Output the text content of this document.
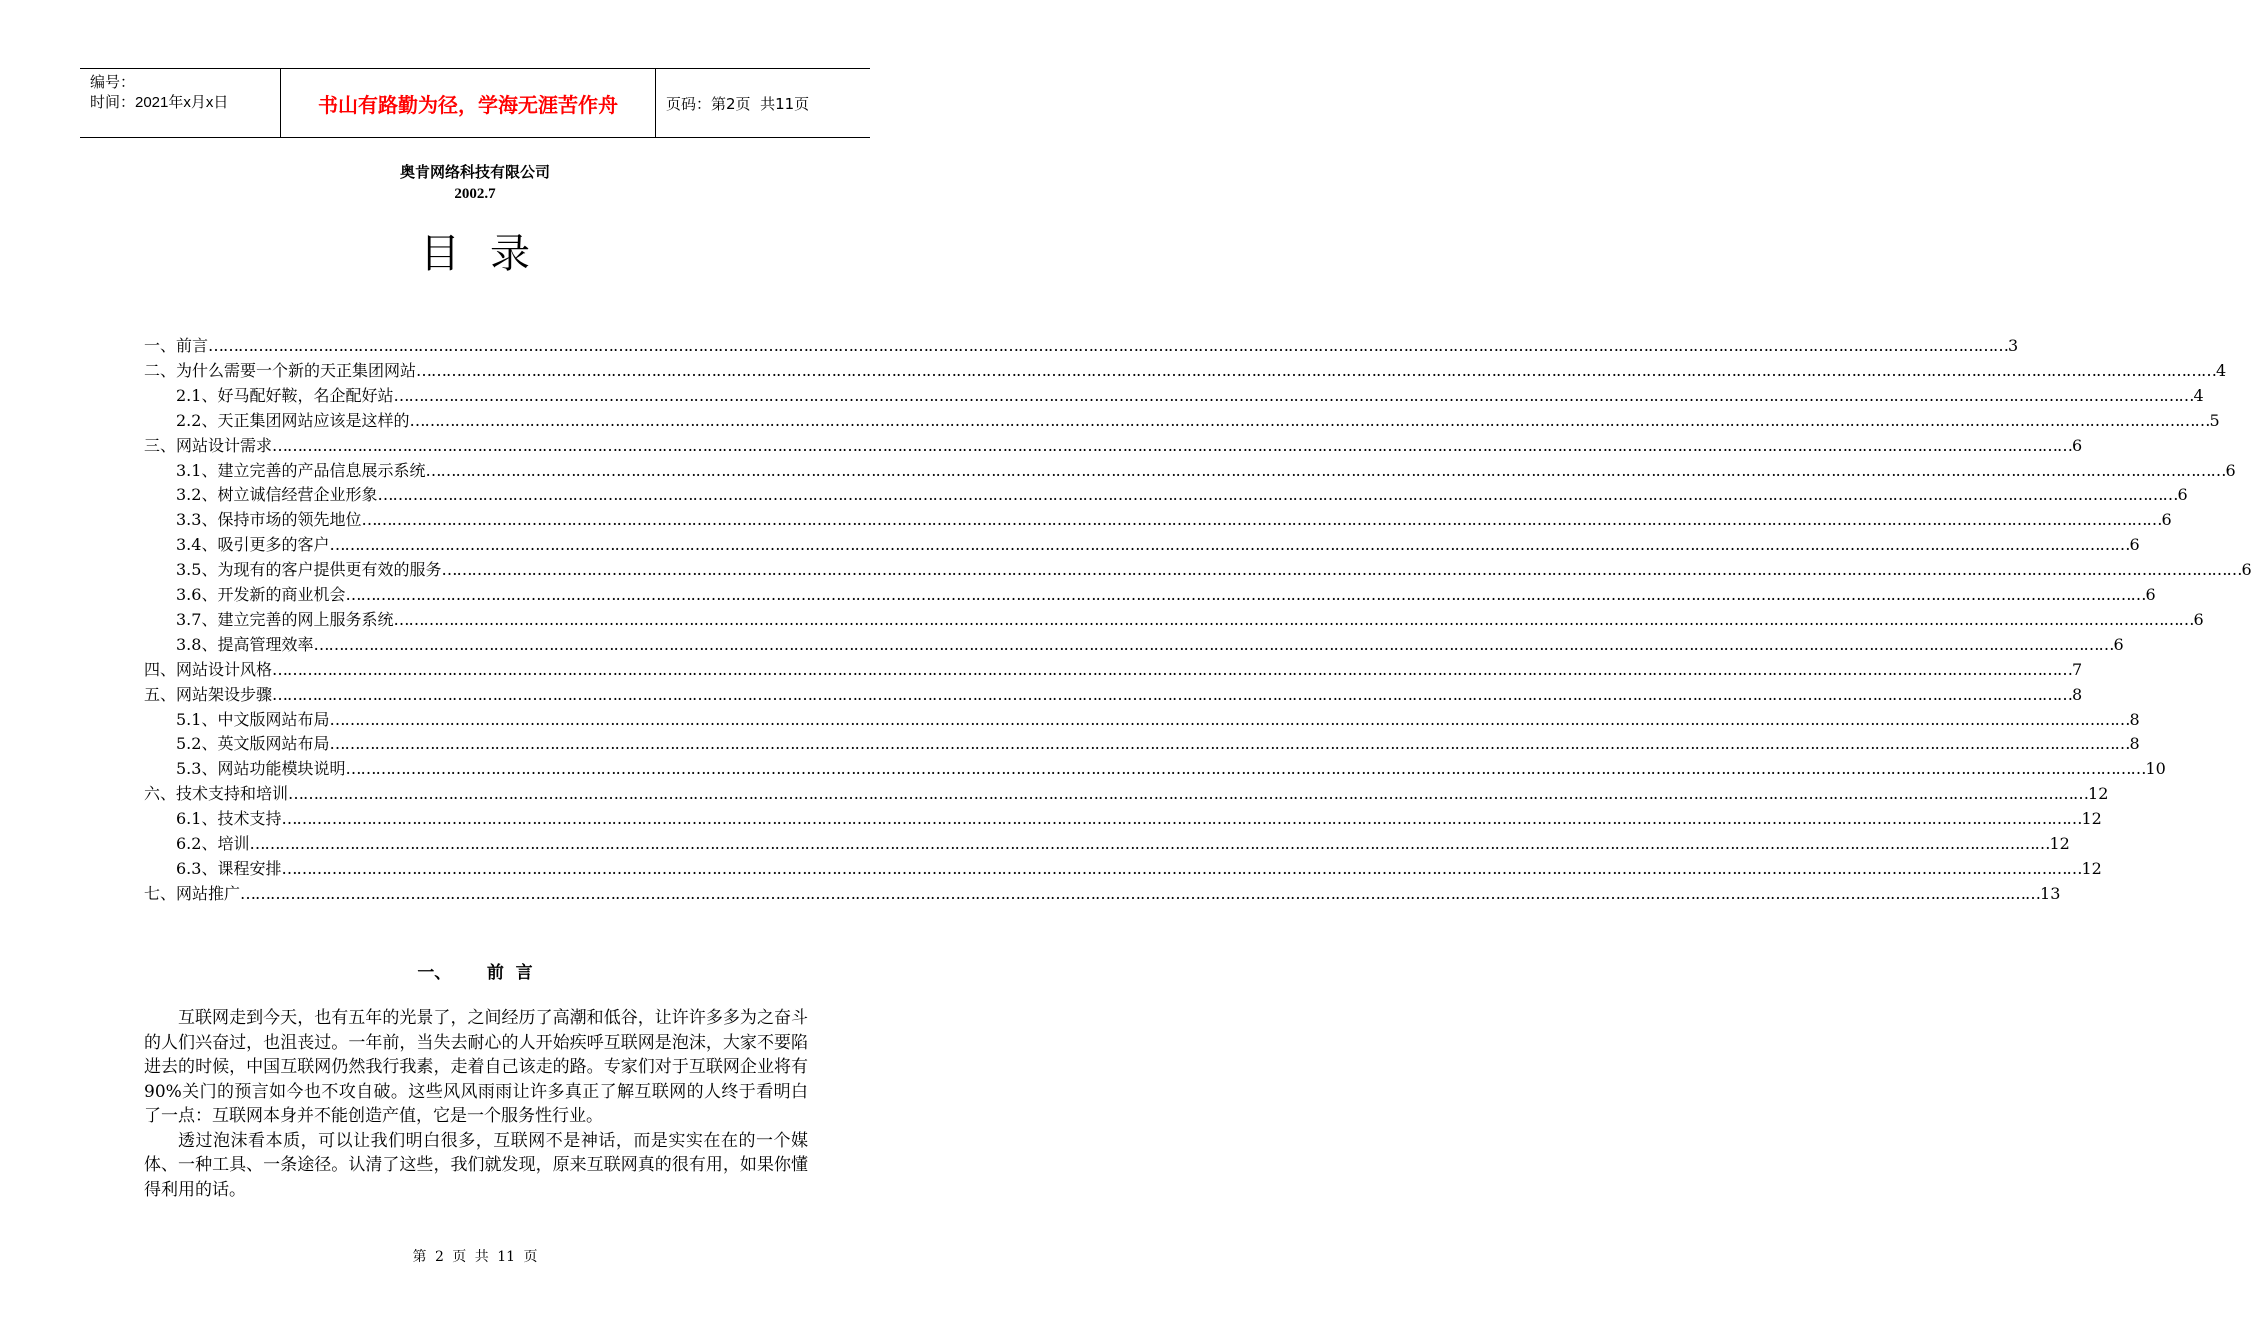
编号：
时间：2021年x月x日	书山有路勤为径，学海无涯苦作舟	页码：第2页  共11页
奥肯网络科技有限公司
2002.7
目录
一、 前言 ……………………………………………………………………………………………………………………………………………………………………………………………………………………………………………………………………………………………………………………………… 3
二、 为什么需要一个新的天正集团网站 ……………………………………………………………………………………………………………………………………………………………………………………………………………………………………………………………………………………………………………………………… 4
2.1、 好马配好鞍，名企配好站 ……………………………………………………………………………………………………………………………………………………………………………………………………………………………………………………………………………………………………………………………… 4
2.2、 天正集团网站应该是这样的 ……………………………………………………………………………………………………………………………………………………………………………………………………………………………………………………………………………………………………………………………… 5
三、 网站设计需求 ……………………………………………………………………………………………………………………………………………………………………………………………………………………………………………………………………………………………………………………………… 6
3.1、 建立完善的产品信息展示系统 ……………………………………………………………………………………………………………………………………………………………………………………………………………………………………………………………………………………………………………………………… 6
3.2、 树立诚信经营企业形象 ……………………………………………………………………………………………………………………………………………………………………………………………………………………………………………………………………………………………………………………………… 6
3.3、 保持市场的领先地位 ……………………………………………………………………………………………………………………………………………………………………………………………………………………………………………………………………………………………………………………………… 6
3.4、 吸引更多的客户 ……………………………………………………………………………………………………………………………………………………………………………………………………………………………………………………………………………………………………………………………… 6
3.5、 为现有的客户提供更有效的服务 ……………………………………………………………………………………………………………………………………………………………………………………………………………………………………………………………………………………………………………………………… 6
3.6、 开发新的商业机会 ……………………………………………………………………………………………………………………………………………………………………………………………………………………………………………………………………………………………………………………………… 6
3.7、 建立完善的网上服务系统 ……………………………………………………………………………………………………………………………………………………………………………………………………………………………………………………………………………………………………………………………… 6
3.8、 提高管理效率 ……………………………………………………………………………………………………………………………………………………………………………………………………………………………………………………………………………………………………………………………… 6
四、 网站设计风格 ……………………………………………………………………………………………………………………………………………………………………………………………………………………………………………………………………………………………………………………………… 7
五、 网站架设步骤 ……………………………………………………………………………………………………………………………………………………………………………………………………………………………………………………………………………………………………………………………… 8
5.1、 中文版网站布局 ……………………………………………………………………………………………………………………………………………………………………………………………………………………………………………………………………………………………………………………………… 8
5.2、 英文版网站布局 ……………………………………………………………………………………………………………………………………………………………………………………………………………………………………………………………………………………………………………………………… 8
5.3、 网站功能模块说明 ……………………………………………………………………………………………………………………………………………………………………………………………………………………………………………………………………………………………………………………………… 10
六、 技术支持和培训 ……………………………………………………………………………………………………………………………………………………………………………………………………………………………………………………………………………………………………………………………… 12
6.1、 技术支持 ……………………………………………………………………………………………………………………………………………………………………………………………………………………………………………………………………………………………………………………………… 12
6.2、 培训 ……………………………………………………………………………………………………………………………………………………………………………………………………………………………………………………………………………………………………………………………… 12
6.3、 课程安排 ……………………………………………………………………………………………………………………………………………………………………………………………………………………………………………………………………………………………………………………………… 12
七、 网站推广 ……………………………………………………………………………………………………………………………………………………………………………………………………………………………………………………………………………………………………………………………… 13
一、      前  言

互联网走到今天，也有五年的光景了，之间经历了高潮和低谷，让许许多多为之奋斗的人们兴奋过，也沮丧过。一年前，当失去耐心的人开始疾呼互联网是泡沫，大家不要陷进去的时候，中国互联网仍然我行我素，走着自己该走的路。专家们对于互联网企业将有90%关门的预言如今也不攻自破。这些风风雨雨让许多真正了解互联网的人终于看明白了一点：互联网本身并不能创造产值，它是一个服务性行业。

透过泡沫看本质，可以让我们明白很多，互联网不是神话，而是实实在在的一个媒体、一种工具、一条途径。认清了这些，我们就发现，原来互联网真的很有用，如果你懂得利用的话。

第 2 页 共 11 页
